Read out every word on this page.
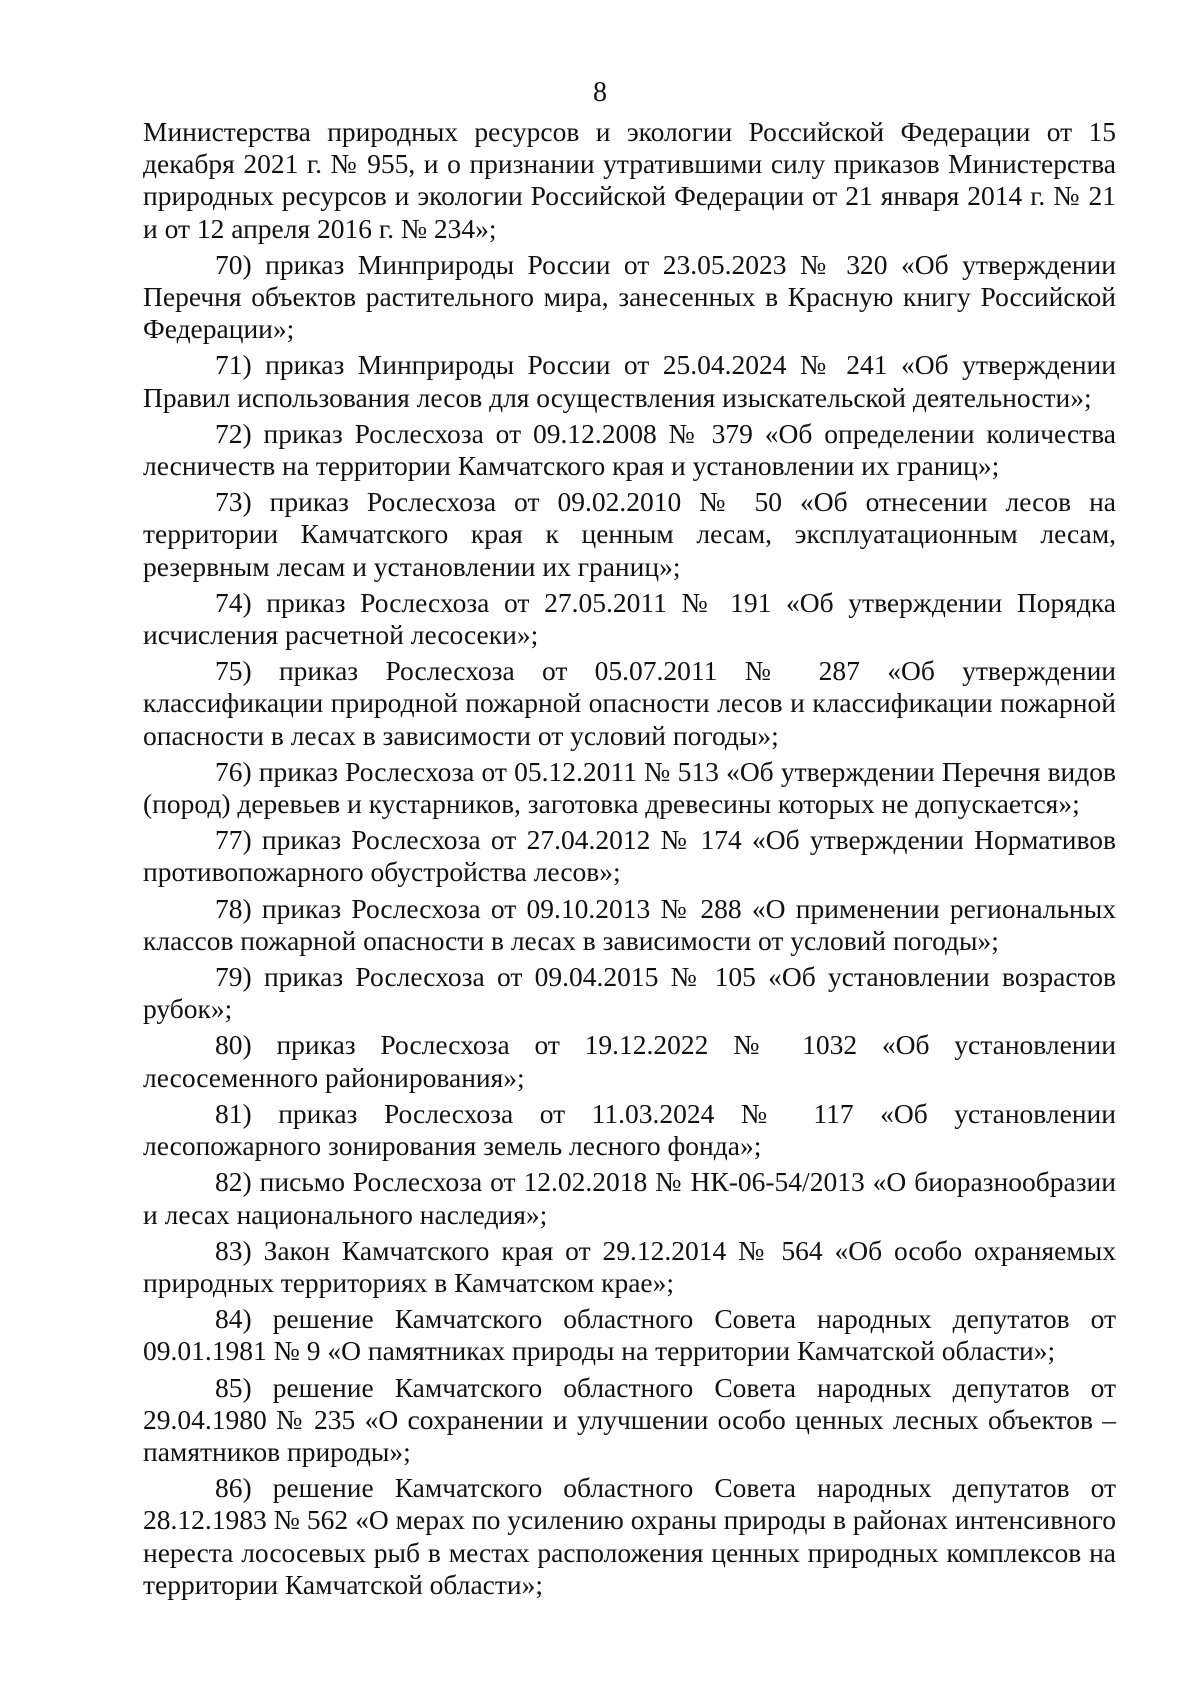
8

Министерства природных ресурсов и экологии Российской Федерации от 15 декабря 2021 г. № 955, и о признании утратившими силу приказов Министерства природных ресурсов и экологии Российской Федерации от 21 января 2014 г. № 21 и от 12 апреля 2016 г. № 234»;

70) приказ Минприроды России от 23.05.2023 № 320 «Об утверждении Перечня объектов растительного мира, занесенных в Красную книгу Российской Федерации»;

71) приказ Минприроды России от 25.04.2024 № 241 «Об утверждении Правил использования лесов для осуществления изыскательской деятельности»;

72) приказ Рослесхоза от 09.12.2008 № 379 «Об определении количества лесничеств на территории Камчатского края и установлении их границ»;

73) приказ Рослесхоза от 09.02.2010 № 50 «Об отнесении лесов на территории Камчатского края к ценным лесам, эксплуатационным лесам, резервным лесам и установлении их границ»;

74) приказ Рослесхоза от 27.05.2011 № 191 «Об утверждении Порядка исчисления расчетной лесосеки»;

75) приказ Рослесхоза от 05.07.2011 № 287 «Об утверждении классификации природной пожарной опасности лесов и классификации пожарной опасности в лесах в зависимости от условий погоды»;

76) приказ Рослесхоза от 05.12.2011 № 513 «Об утверждении Перечня видов (пород) деревьев и кустарников, заготовка древесины которых не допускается»;

77) приказ Рослесхоза от 27.04.2012 № 174 «Об утверждении Нормативов противопожарного обустройства лесов»;

78) приказ Рослесхоза от 09.10.2013 № 288 «О применении региональных классов пожарной опасности в лесах в зависимости от условий погоды»;

79) приказ Рослесхоза от 09.04.2015 № 105 «Об установлении возрастов рубок»;

80) приказ Рослесхоза от 19.12.2022 № 1032 «Об установлении лесосеменного районирования»;

81) приказ Рослесхоза от 11.03.2024 № 117 «Об установлении лесопожарного зонирования земель лесного фонда»;

82) письмо Рослесхоза от 12.02.2018 № НК-06-54/2013 «О биоразнообразии и лесах национального наследия»;

83) Закон Камчатского края от 29.12.2014 № 564 «Об особо охраняемых природных территориях в Камчатском крае»;

84) решение Камчатского областного Совета народных депутатов от 09.01.1981 № 9 «О памятниках природы на территории Камчатской области»;

85) решение Камчатского областного Совета народных депутатов от 29.04.1980 № 235 «О сохранении и улучшении особо ценных лесных объектов – памятников природы»;

86) решение Камчатского областного Совета народных депутатов от 28.12.1983 № 562 «О мерах по усилению охраны природы в районах интенсивного нереста лососевых рыб в местах расположения ценных природных комплексов на территории Камчатской области»;
